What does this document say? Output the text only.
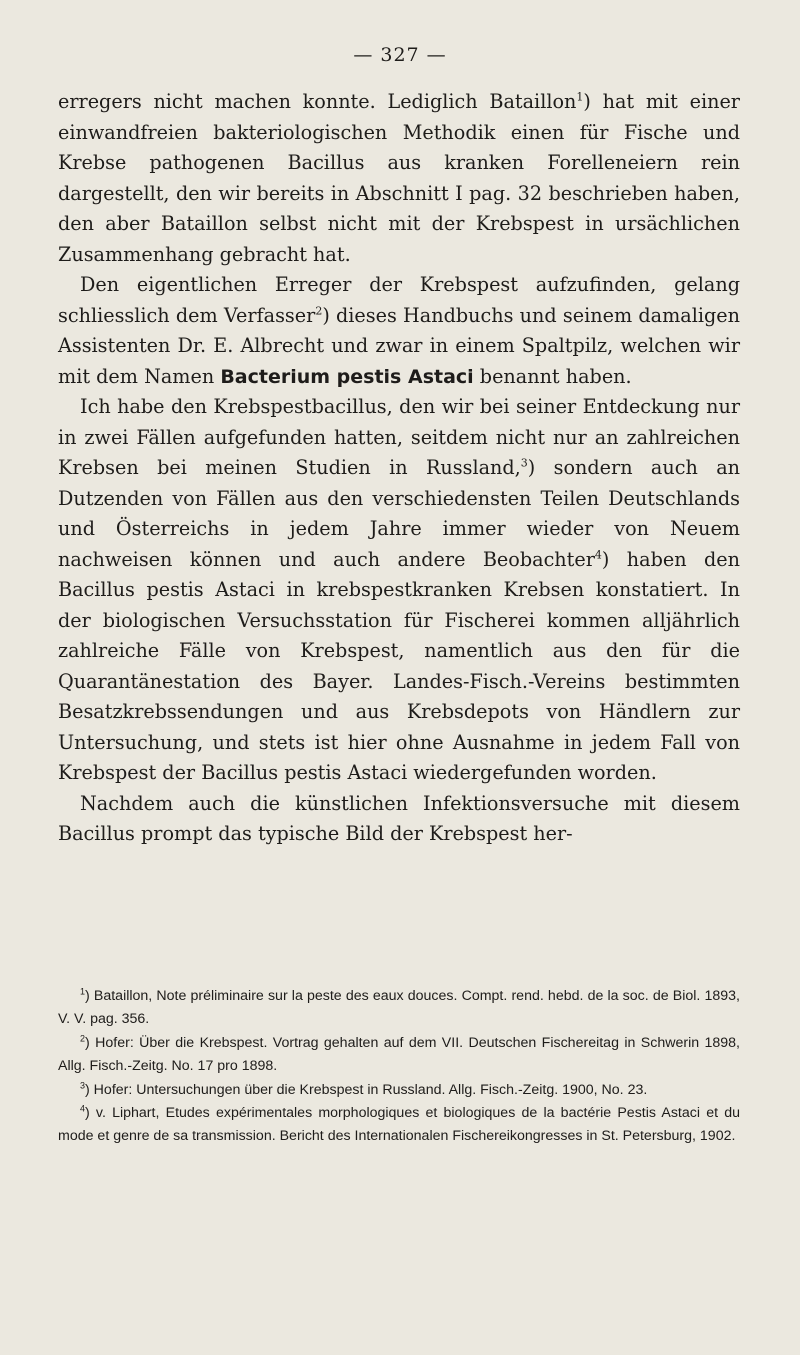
— 327 —

erregers nicht machen konnte. Lediglich Bataillon$^1$) hat mit einer einwandfreien bakteriologischen Methodik einen für Fische und Krebse pathogenen Bacillus aus kranken Forelleneiern rein dargestellt, den wir bereits in Abschnitt I pag. 32 beschrieben haben, den aber Bataillon selbst nicht mit der Krebspest in ursächlichen Zusammenhang gebracht hat.

Den eigentlichen Erreger der Krebspest aufzufinden, gelang schliesslich dem Verfasser$^2$) dieses Handbuchs und seinem damaligen Assistenten Dr. E. Albrecht und zwar in einem Spaltpilz, welchen wir mit dem Namen Bacterium pestis Astaci benannt haben.

Ich habe den Krebspestbacillus, den wir bei seiner Entdeckung nur in zwei Fällen aufgefunden hatten, seitdem nicht nur an zahlreichen Krebsen bei meinen Studien in Russland,$^3$) sondern auch an Dutzenden von Fällen aus den verschiedensten Teilen Deutschlands und Österreichs in jedem Jahre immer wieder von Neuem nachweisen können und auch andere Beobachter$^4$) haben den Bacillus pestis Astaci in krebspestkranken Krebsen konstatiert. In der biologischen Versuchsstation für Fischerei kommen alljährlich zahlreiche Fälle von Krebspest, namentlich aus den für die Quarantänestation des Bayer. Landes-Fisch.-Vereins bestimmten Besatzkrebssendungen und aus Krebsdepots von Händlern zur Untersuchung, und stets ist hier ohne Ausnahme in jedem Fall von Krebspest der Bacillus pestis Astaci wiedergefunden worden.

Nachdem auch die künstlichen Infektionsversuche mit diesem Bacillus prompt das typische Bild der Krebspest her-

$^1$) Bataillon, Note préliminaire sur la peste des eaux douces. Compt. rend. hebd. de la soc. de Biol. 1893, V. V. pag. 356.

$^2$) Hofer: Über die Krebspest. Vortrag gehalten auf dem VII. Deutschen Fischereitag in Schwerin 1898, Allg. Fisch.-Zeitg. No. 17 pro 1898.

$^3$) Hofer: Untersuchungen über die Krebspest in Russland. Allg. Fisch.-Zeitg. 1900, No. 23.

$^4$) v. Liphart, Etudes expérimentales morphologiques et biologiques de la bactérie Pestis Astaci et du mode et genre de sa transmission. Bericht des Internationalen Fischereikongresses in St. Petersburg, 1902.
